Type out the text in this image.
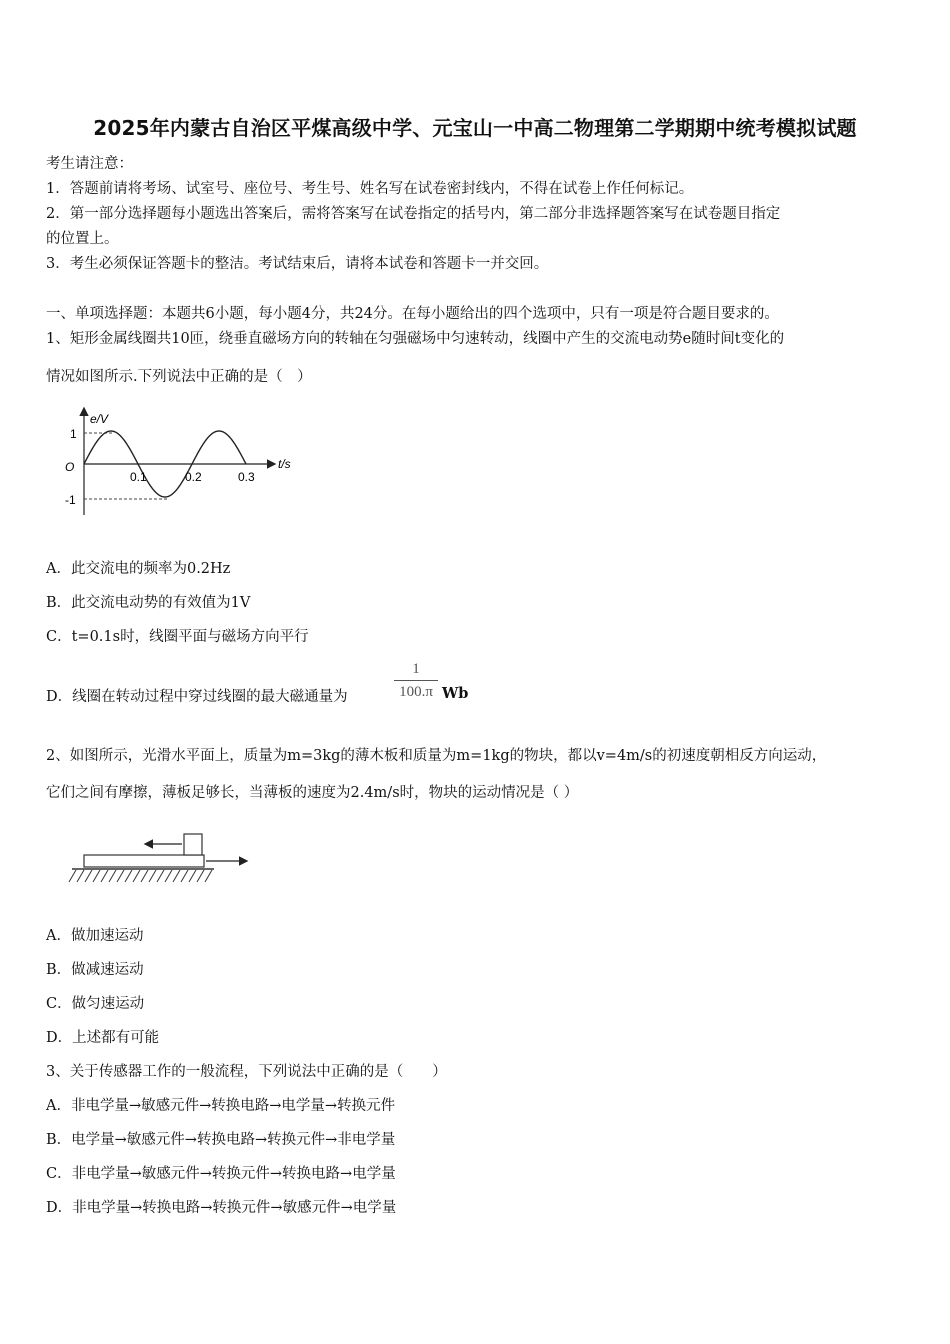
2025年内蒙古自治区平煤高级中学、元宝山一中高二物理第二学期期中统考模拟试题
考生请注意：
1．答题前请将考场、试室号、座位号、考生号、姓名写在试卷密封线内，不得在试卷上作任何标记。
2．第一部分选择题每小题选出答案后，需将答案写在试卷指定的括号内，第二部分非选择题答案写在试卷题目指定
的位置上。
3．考生必须保证答题卡的整洁。考试结束后，请将本试卷和答题卡一并交回。
一、单项选择题：本题共6小题，每小题4分，共24分。在每小题给出的四个选项中，只有一项是符合题目要求的。
1、矩形金属线圈共10匝，绕垂直磁场方向的转轴在匀强磁场中匀速转动，线圈中产生的交流电动势e随时间t变化的
情况如图所示.下列说法中正确的是（　）
e/V
t/s
O
1
-1
0.1	0.2	0.3
A．此交流电的频率为0.2Hz
B．此交流电动势的有效值为1V
C．t=0.1s时，线圈平面与磁场方向平行
D．线圈在转动过程中穿过线圈的最大磁通量为
1
100.π Wb
2、如图所示，光滑水平面上，质量为m=3kg的薄木板和质量为m=1kg的物块，都以v=4m/s的初速度朝相反方向运动，
它们之间有摩擦，薄板足够长，当薄板的速度为2.4m/s时，物块的运动情况是（ ）
A．做加速运动
B．做减速运动
C．做匀速运动
D．上述都有可能
3、关于传感器工作的一般流程，下列说法中正确的是（　　）
A．非电学量→敏感元件→转换电路→电学量→转换元件
B．电学量→敏感元件→转换电路→转换元件→非电学量
C．非电学量→敏感元件→转换元件→转换电路→电学量
D．非电学量→转换电路→转换元件→敏感元件→电学量
